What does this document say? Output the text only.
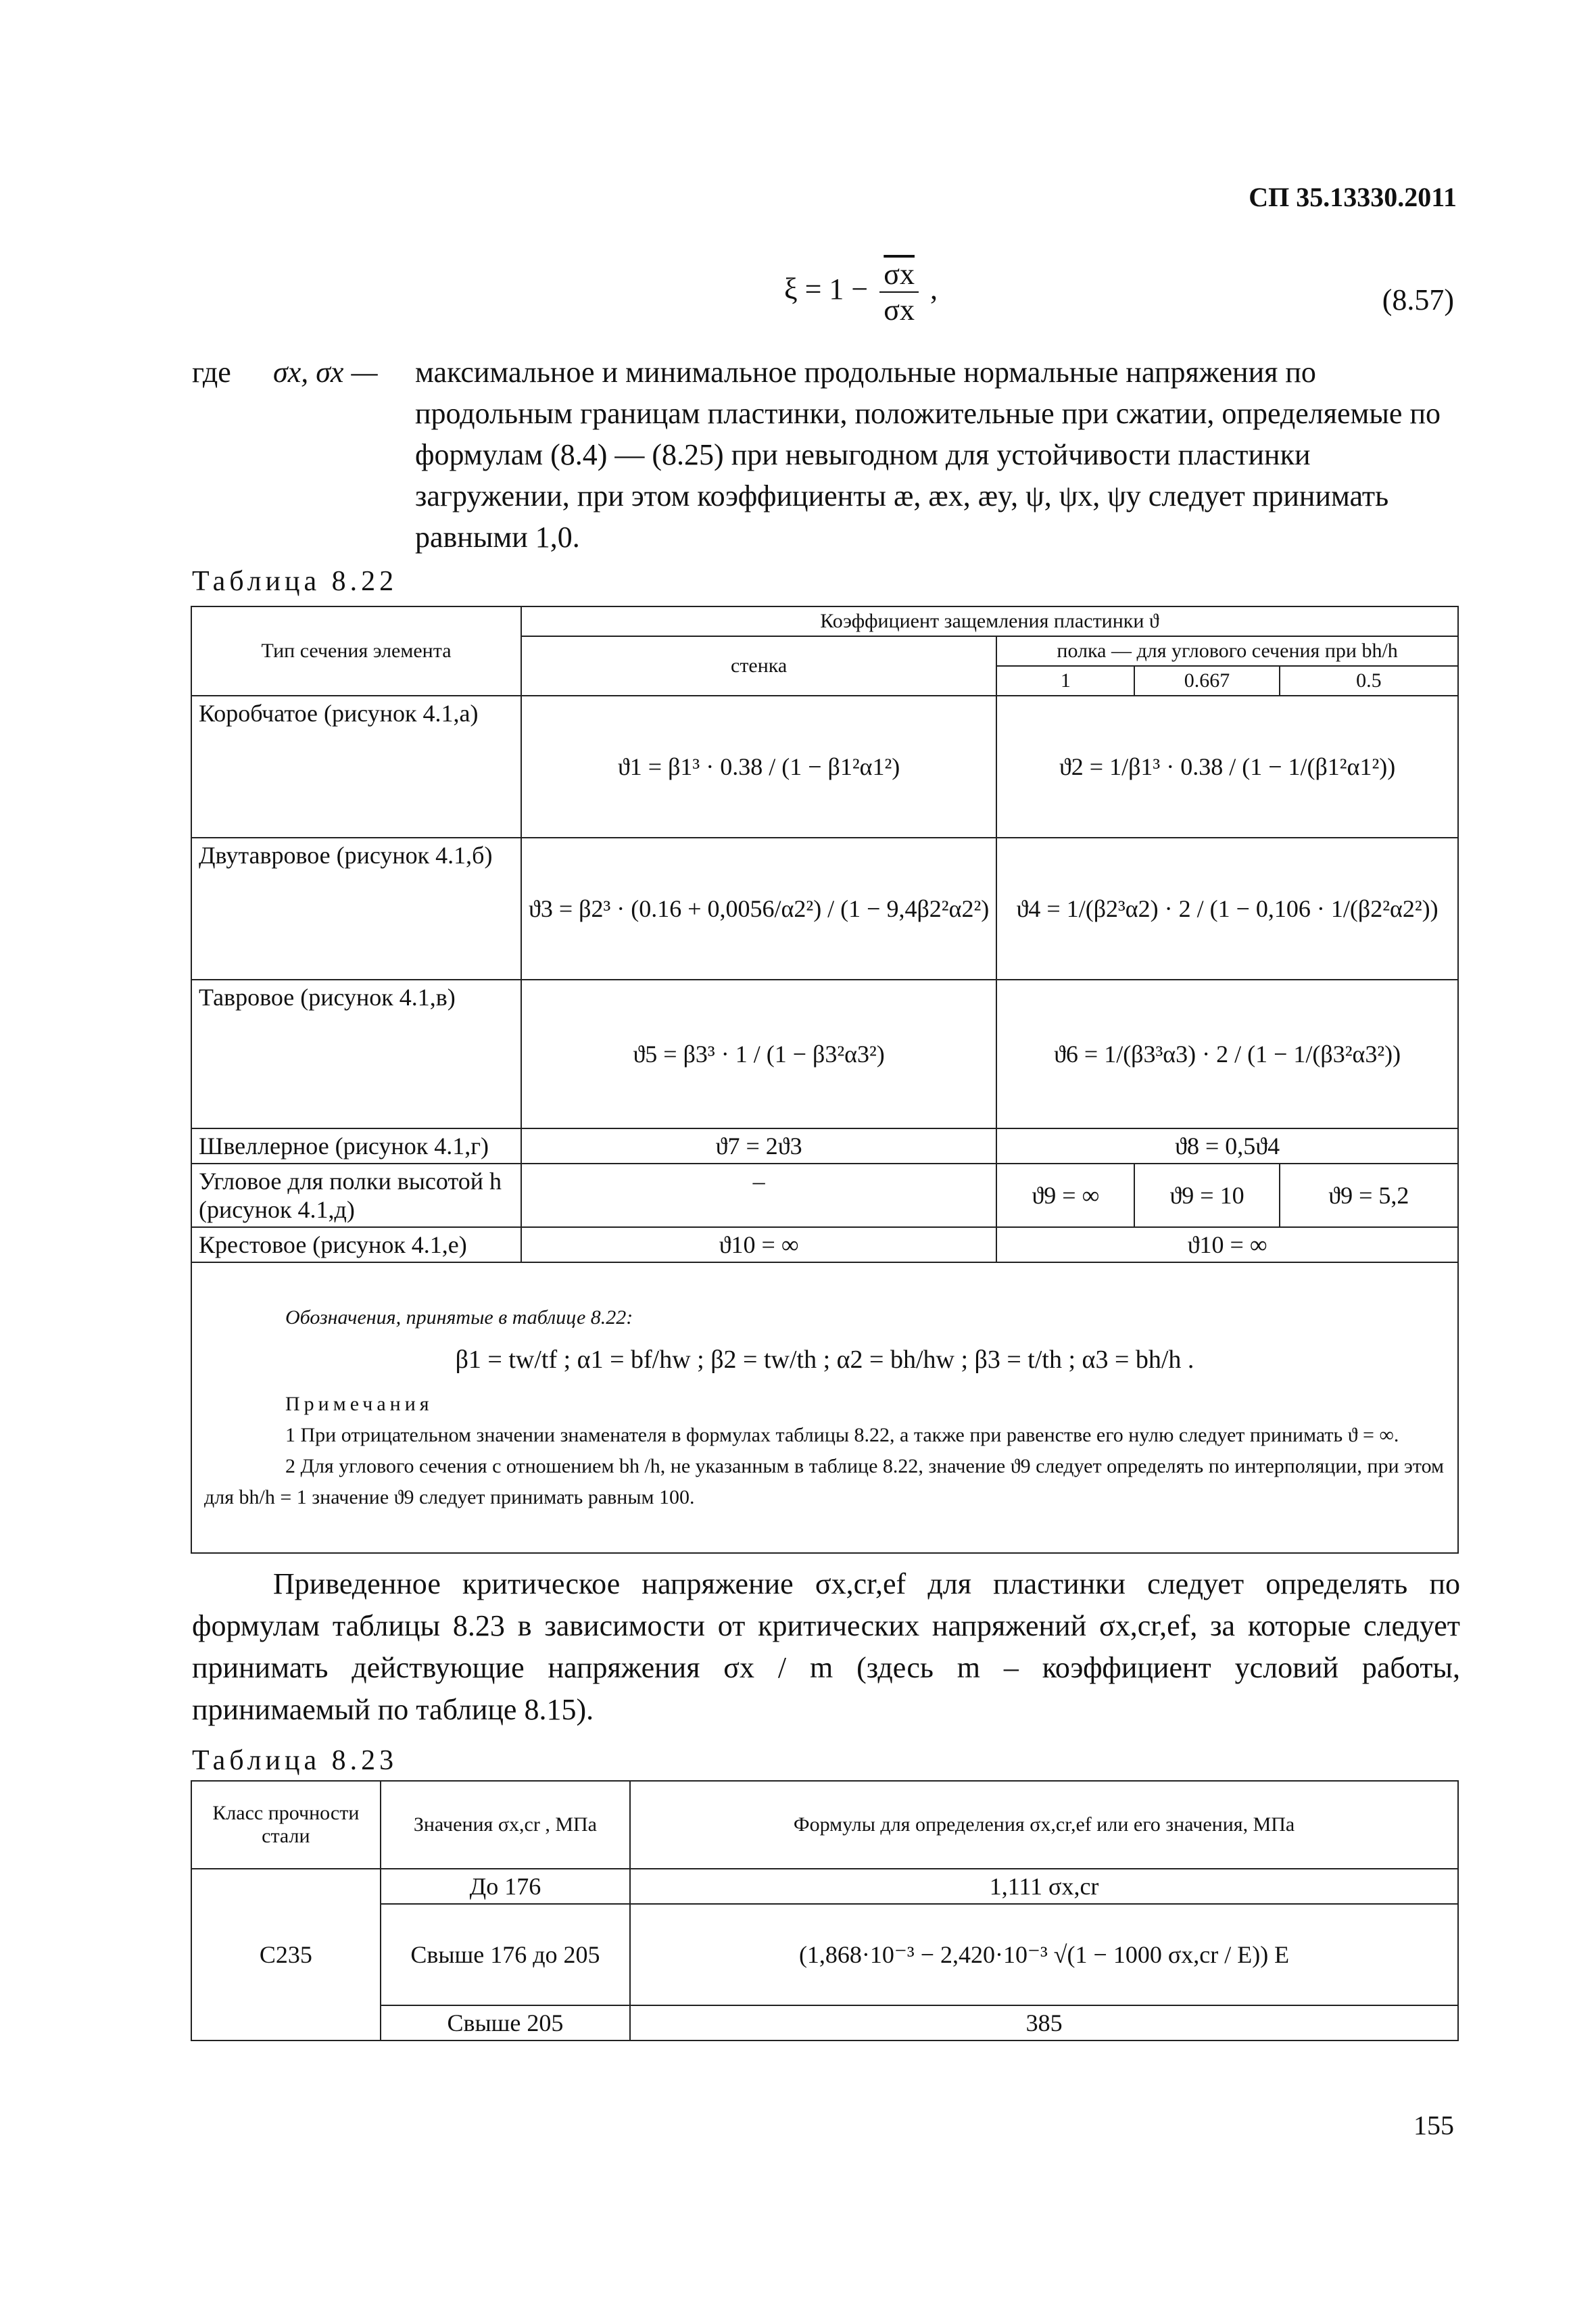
СП 35.13330.2011
$\xi = 1 - \frac{\overline{\sigma x}}{\sigma x}$ ,	(8.57)
где	σx, σx —	максимальное и минимальное продольные нормальные напряжения по продольным границам пластинки, положительные при сжатии, определяемые по формулам (8.4) — (8.25) при невыгодном для устойчивости пластинки загружении, при этом коэффициенты æ, æx, æy, ψ, ψx, ψy следует принимать равными 1,0.
Таблица 8.22
Тип сечения элемента	Коэффициент защемления пластинки ϑ			
	стенка	полка — для углового сечения при bh/h		
		1	0.667	0.5
Коробчатое (рисунок 4.1,а)	ϑ1 = β1³ · 0.38 / (1 − β1²α1²)	ϑ2 = 1/β1³ · 0.38 / (1 − 1/(β1²α1²))		
Двутавровое (рисунок 4.1,б)	ϑ3 = β2³ · (0.16 + 0,0056/α2²) / (1 − 9,4β2²α2²)	ϑ4 = 1/(β2³α2) · 2 / (1 − 0,106 · 1/(β2²α2²))		
Тавровое (рисунок 4.1,в)	ϑ5 = β3³ · 1 / (1 − β3²α3²)	ϑ6 = 1/(β3³α3) · 2 / (1 − 1/(β3²α3²))		
Швеллерное (рисунок 4.1,г)	ϑ7 = 2ϑ3	ϑ8 = 0,5ϑ4		
Угловое для полки высотой h (рисунок 4.1,д)	–	ϑ9 = ∞	ϑ9 = 10	ϑ9 = 5,2
Крестовое (рисунок 4.1,е)	ϑ10 = ∞	ϑ10 = ∞		

Обозначения, принятые в таблице 8.22:
β1 = tw/tf ; α1 = bf/hw ; β2 = tw/th ; α2 = bh/hw ; β3 = t/th ; α3 = bh/h .
Примечания
1 При отрицательном значении знаменателя в формулах таблицы 8.22, а также при равенстве его нулю следует принимать ϑ = ∞.
2 Для углового сечения с отношением bh /h, не указанным в таблице 8.22, значение ϑ9 следует определять по интерполяции, при этом для bh/h = 1 значение ϑ9 следует принимать равным 100.				
Приведенное критическое напряжение σx,cr,ef для пластинки следует определять по формулам таблицы 8.23 в зависимости от критических напряжений σx,cr,ef, за которые следует принимать действующие напряжения σx / m (здесь m – коэффициент условий работы, принимаемый по таблице 8.15).
Таблица 8.23
Класс прочности стали	Значения σx,cr , МПа	Формулы для определения σx,cr,ef или его значения, МПа
С235	До 176	1,111 σx,cr
	Свыше 176 до 205	(1,868·10⁻³ − 2,420·10⁻³ √(1 − 1000 σx,cr / E)) E
	Свыше 205	385
155
